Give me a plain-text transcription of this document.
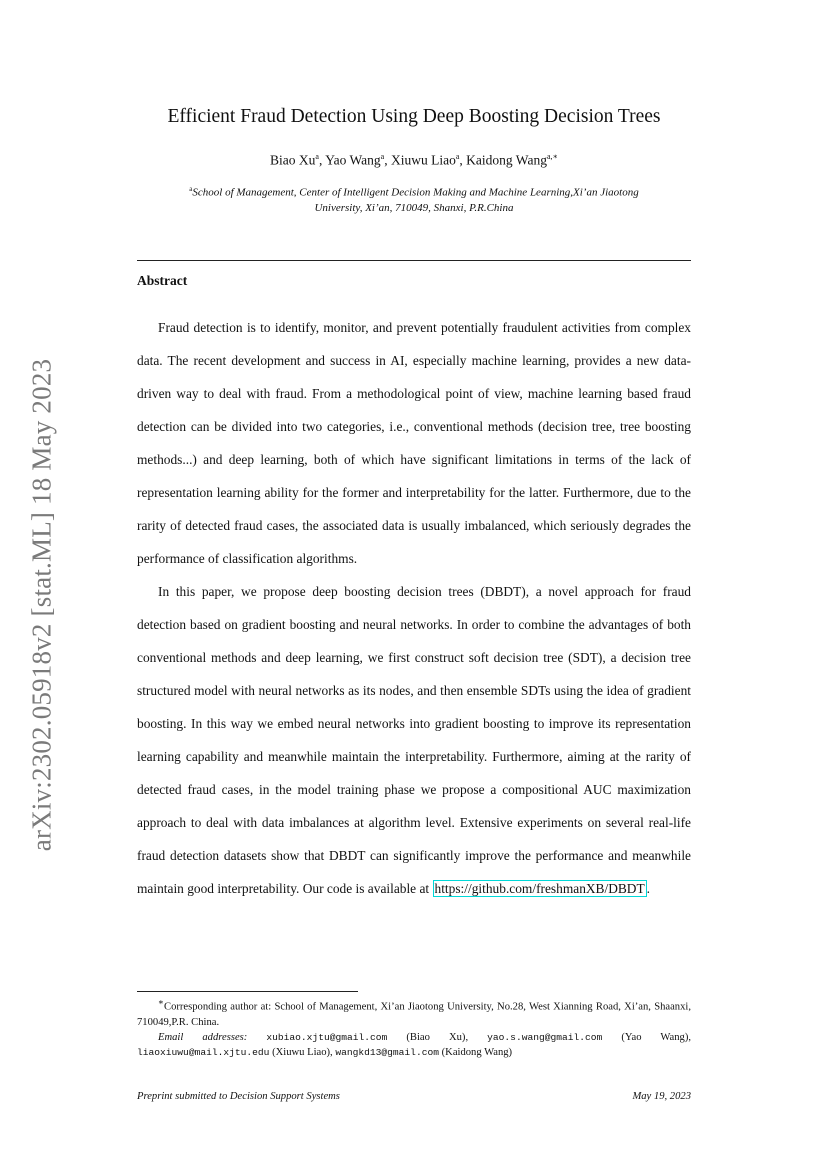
arXiv:2302.05918v2 [stat.ML] 18 May 2023
Efficient Fraud Detection Using Deep Boosting Decision Trees
Biao Xu$^a$, Yao Wang$^a$, Xiuwu Liao$^a$, Kaidong Wang$^{a,∗}$
$^a$School of Management, Center of Intelligent Decision Making and Machine Learning,Xi’an Jiaotong
University, Xi’an, 710049, Shanxi, P.R.China
Abstract

Fraud detection is to identify, monitor, and prevent potentially fraudulent activities from complex data. The recent development and success in AI, especially machine learning, provides a new data-driven way to deal with fraud. From a methodological point of view, machine learning based fraud detection can be divided into two categories, i.e., conventional methods (decision tree, tree boosting methods...) and deep learning, both of which have significant limitations in terms of the lack of representation learning ability for the former and interpretability for the latter. Furthermore, due to the rarity of detected fraud cases, the associated data is usually imbalanced, which seriously degrades the performance of classification algorithms.

In this paper, we propose deep boosting decision trees (DBDT), a novel approach for fraud detection based on gradient boosting and neural networks. In order to combine the advantages of both conventional methods and deep learning, we first construct soft decision tree (SDT), a decision tree structured model with neural networks as its nodes, and then ensemble SDTs using the idea of gradient boosting. In this way we embed neural networks into gradient boosting to improve its representation learning capability and meanwhile maintain the interpretability. Furthermore, aiming at the rarity of detected fraud cases, in the model training phase we propose a compositional AUC maximization approach to deal with data imbalances at algorithm level. Extensive experiments on several real-life fraud detection datasets show that DBDT can significantly improve the performance and meanwhile maintain good interpretability. Our code is available at https://github.com/freshmanXB/DBDT .

∗Corresponding author at: School of Management, Xi’an Jiaotong University, No.28, West Xianning Road, Xi’an, Shaanxi, 710049,P.R. China.

Email addresses: xubiao.xjtu@gmail.com (Biao Xu), yao.s.wang@gmail.com (Yao Wang), liaoxiuwu@mail.xjtu.edu (Xiuwu Liao), wangkd13@gmail.com (Kaidong Wang)

Preprint submitted to Decision Support Systems	May 19, 2023
